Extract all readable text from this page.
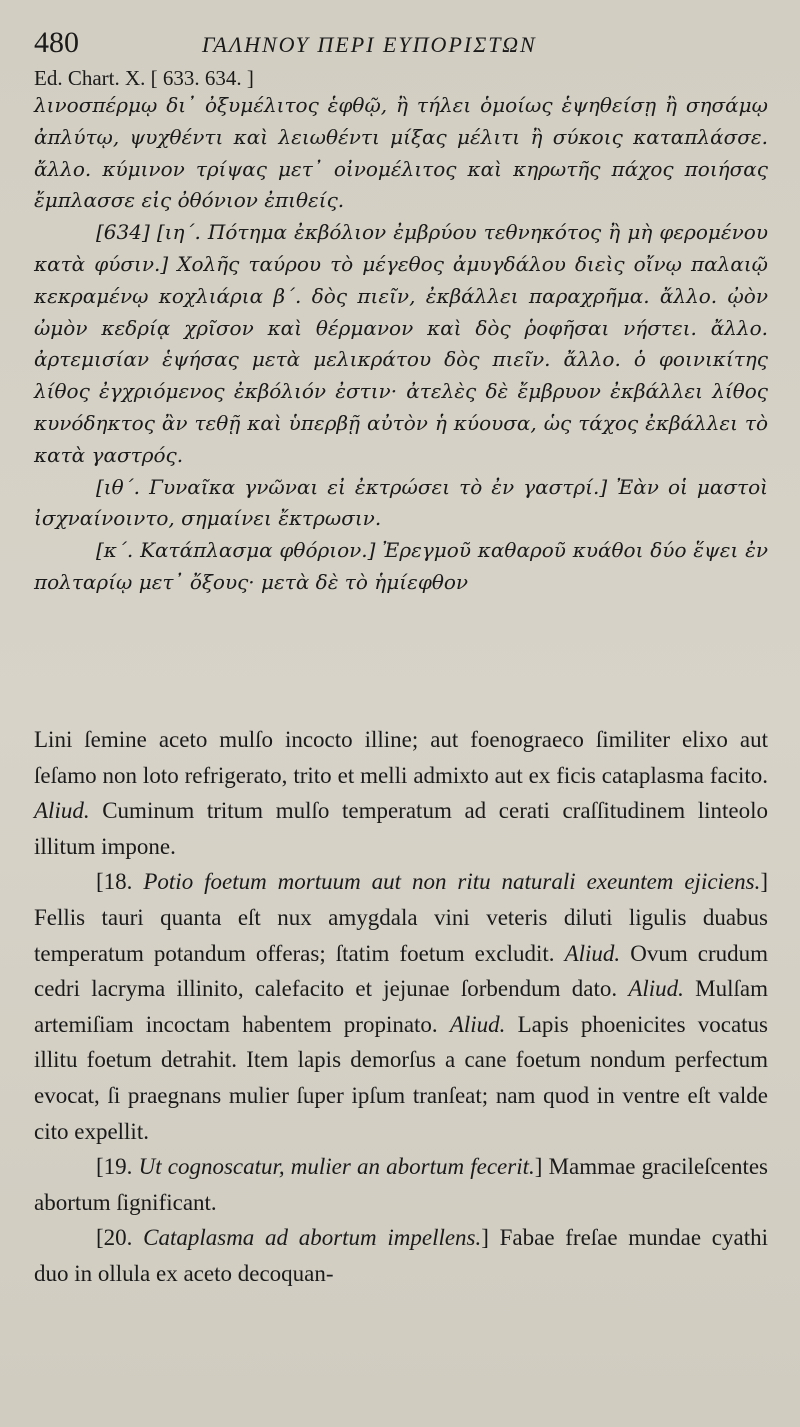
480	ΓΑΛΗΝΟΥ ΠΕΡΙ ΕΥΠΟΡΙΣΤΩΝ
Ed. Chart. X. [ 633. 634. ]

λινοσπέρμῳ δι᾽ ὀξυμέλιτος ἑφθῷ, ἢ τήλει ὁμοίως ἑψηθείσῃ ἢ σησάμῳ ἀπλύτῳ, ψυχθέντι καὶ λειωθέντι μίξας μέλιτι ἢ σύκοις καταπλάσσε. ἄλλο. κύμινον τρίψας μετ᾽ οἰνομέλιτος καὶ κηρωτῆς πάχος ποιήσας ἔμπλασσε εἰς ὀθόνιον ἐπιθείς.

[634] [ιη΄. Πότημα ἐκβόλιον ἐμβρύου τεθνηκότος ἢ μὴ φερομένου κατὰ φύσιν.] Χολῆς ταύρου τὸ μέγεθος ἀμυγδάλου διεὶς οἴνῳ παλαιῷ κεκραμένῳ κοχλιάρια β΄. δὸς πιεῖν, ἐκβάλλει παραχρῆμα. ἄλλο. ᾠὸν ὠμὸν κεδρίᾳ χρῖσον καὶ θέρμανον καὶ δὸς ῥοφῆσαι νήστει. ἄλλο. ἀρτεμισίαν ἑψήσας μετὰ μελικράτου δὸς πιεῖν. ἄλλο. ὁ φοινικίτης λίθος ἐγχριόμενος ἐκβόλιόν ἐστιν· ἀτελὲς δὲ ἔμβρυον ἐκβάλλει λίθος κυνόδηκτος ἂν τεθῇ καὶ ὑπερβῇ αὐτὸν ἡ κύουσα, ὡς τάχος ἐκβάλλει τὸ κατὰ γαστρός.

[ιθ΄. Γυναῖκα γνῶναι εἰ ἐκτρώσει τὸ ἐν γαστρί.] Ἐὰν οἱ μαστοὶ ἰσχναίνοιντο, σημαίνει ἔκτρωσιν.

[κ΄. Κατάπλασμα φθόριον.] Ἐρεγμοῦ καθαροῦ κυάθοι δύο ἕψει ἐν πολταρίῳ μετ᾽ ὄξους· μετὰ δὲ τὸ ἡμίεφθον

Lini ſemine aceto mulſo incocto illine; aut foenograeco ſimiliter elixo aut ſeſamo non loto refrigerato, trito et melli admixto aut ex ficis cataplasma facito. Aliud. Cuminum tritum mulſo temperatum ad cerati craſſitudinem linteolo illitum impone.

[18. Potio foetum mortuum aut non ritu naturali exeuntem ejiciens.] Fellis tauri quanta eſt nux amygdala vini veteris diluti ligulis duabus temperatum potandum offeras; ſtatim foetum excludit. Aliud. Ovum crudum cedri lacryma illinito, calefacito et jejunae ſorbendum dato. Aliud. Mulſam artemiſiam incoctam habentem propinato. Aliud. Lapis phoenicites vocatus illitu foetum detrahit. Item lapis demorſus a cane foetum nondum perfectum evocat, ſi praegnans mulier ſuper ipſum tranſeat; nam quod in ventre eſt valde cito expellit.

[19. Ut cognoscatur, mulier an abortum fecerit.] Mammae gracileſcentes abortum ſignificant.

[20. Cataplasma ad abortum impellens.] Fabae freſae mundae cyathi duo in ollula ex aceto decoquan-
